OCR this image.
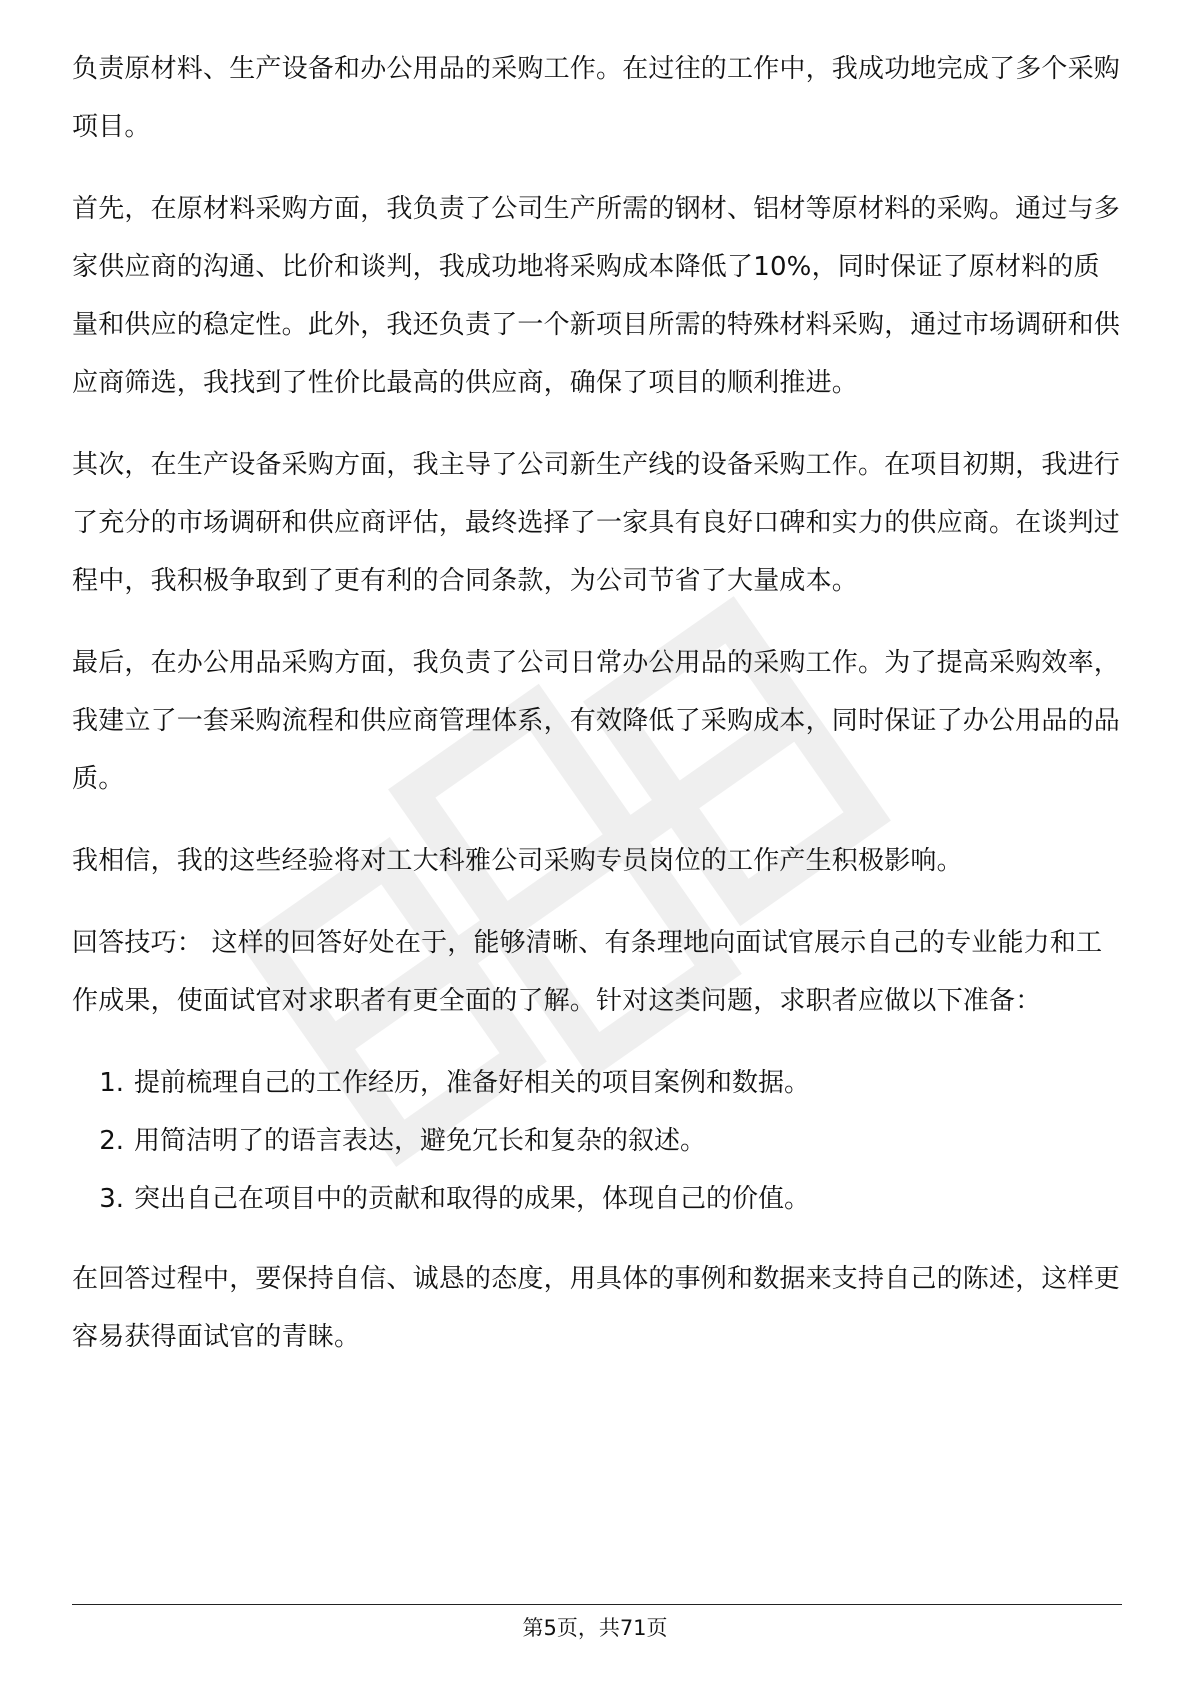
负责原材料、生产设备和办公用品的采购工作。在过往的工作中，我成功地完成了多个采购项目。

首先，在原材料采购方面，我负责了公司生产所需的钢材、铝材等原材料的采购。通过与多家供应商的沟通、比价和谈判，我成功地将采购成本降低了10%，同时保证了原材料的质量和供应的稳定性。此外，我还负责了一个新项目所需的特殊材料采购，通过市场调研和供应商筛选，我找到了性价比最高的供应商，确保了项目的顺利推进。

其次，在生产设备采购方面，我主导了公司新生产线的设备采购工作。在项目初期，我进行了充分的市场调研和供应商评估，最终选择了一家具有良好口碑和实力的供应商。在谈判过程中，我积极争取到了更有利的合同条款，为公司节省了大量成本。

最后，在办公用品采购方面，我负责了公司日常办公用品的采购工作。为了提高采购效率，我建立了一套采购流程和供应商管理体系，有效降低了采购成本，同时保证了办公用品的品质。

我相信，我的这些经验将对工大科雅公司采购专员岗位的工作产生积极影响。

回答技巧： 这样的回答好处在于，能够清晰、有条理地向面试官展示自己的专业能力和工作成果，使面试官对求职者有更全面的了解。针对这类问题，求职者应做以下准备：

1. 提前梳理自己的工作经历，准备好相关的项目案例和数据。
2. 用简洁明了的语言表达，避免冗长和复杂的叙述。
3. 突出自己在项目中的贡献和取得的成果，体现自己的价值。

在回答过程中，要保持自信、诚恳的态度，用具体的事例和数据来支持自己的陈述，这样更容易获得面试官的青睐。

第5页，共71页
